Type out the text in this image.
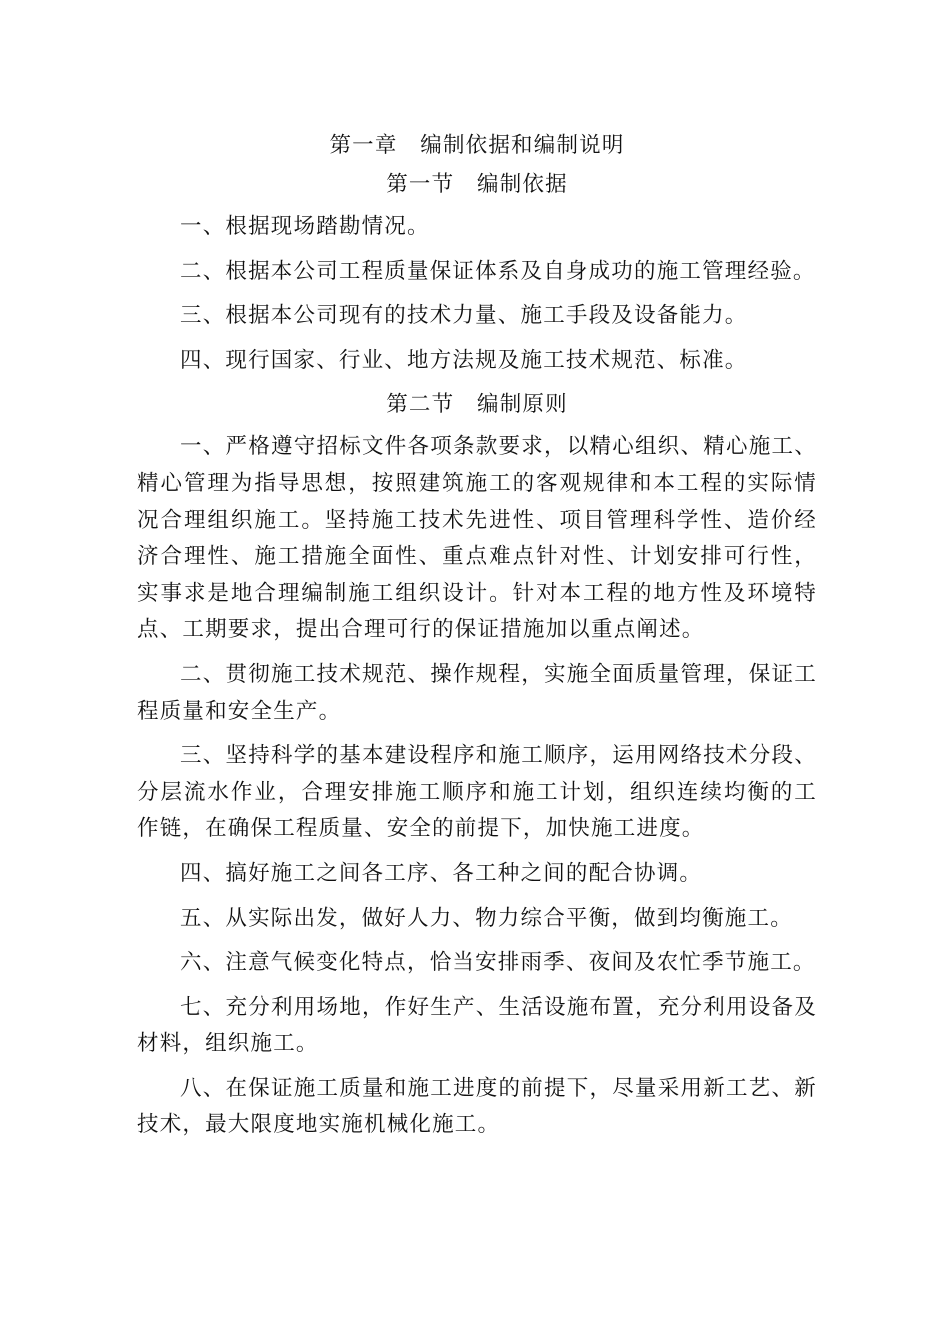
第一章　编制依据和编制说明
第一节　编制依据

一、根据现场踏勘情况。

二、根据本公司工程质量保证体系及自身成功的施工管理经验。

三、根据本公司现有的技术力量、施工手段及设备能力。

四、现行国家、行业、地方法规及施工技术规范、标准。

第二节　编制原则

一、严格遵守招标文件各项条款要求，以精心组织、精心施工、精心管理为指导思想，按照建筑施工的客观规律和本工程的实际情况合理组织施工。坚持施工技术先进性、项目管理科学性、造价经济合理性、施工措施全面性、重点难点针对性、计划安排可行性，实事求是地合理编制施工组织设计。针对本工程的地方性及环境特点、工期要求，提出合理可行的保证措施加以重点阐述。

二、贯彻施工技术规范、操作规程，实施全面质量管理，保证工程质量和安全生产。

三、坚持科学的基本建设程序和施工顺序，运用网络技术分段、分层流水作业，合理安排施工顺序和施工计划，组织连续均衡的工作链，在确保工程质量、安全的前提下，加快施工进度。

四、搞好施工之间各工序、各工种之间的配合协调。

五、从实际出发，做好人力、物力综合平衡，做到均衡施工。

六、注意气候变化特点，恰当安排雨季、夜间及农忙季节施工。

七、充分利用场地，作好生产、生活设施布置，充分利用设备及材料，组织施工。

八、在保证施工质量和施工进度的前提下，尽量采用新工艺、新技术，最大限度地实施机械化施工。
